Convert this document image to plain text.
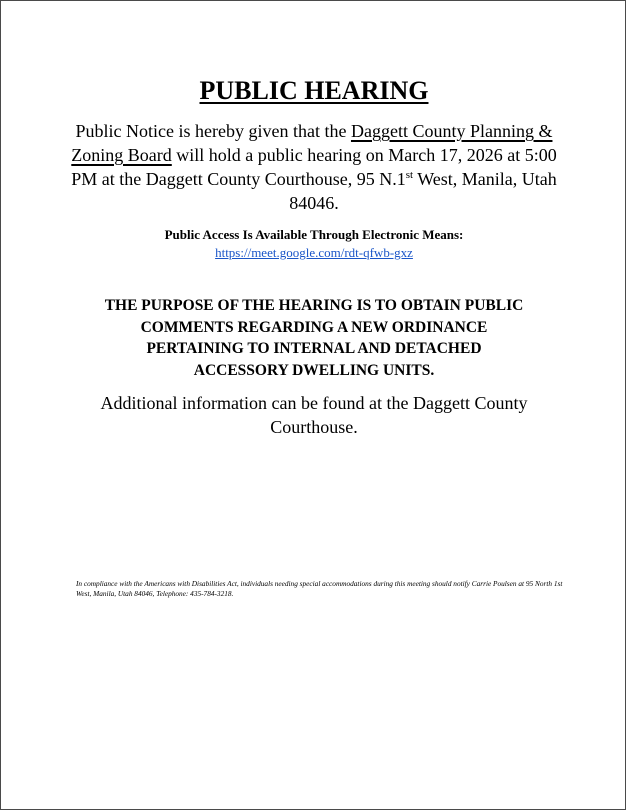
PUBLIC HEARING
Public Notice is hereby given that the Daggett County Planning & Zoning Board will hold a public hearing on March 17, 2026 at 5:00 PM at the Daggett County Courthouse, 95 N.1st West, Manila, Utah 84046.
Public Access Is Available Through Electronic Means:
https://meet.google.com/rdt-qfwb-gxz
THE PURPOSE OF THE HEARING IS TO OBTAIN PUBLIC COMMENTS REGARDING A NEW ORDINANCE PERTAINING TO INTERNAL AND DETACHED ACCESSORY DWELLING UNITS.
Additional information can be found at the Daggett County Courthouse.
In compliance with the Americans with Disabilities Act, individuals needing special accommodations during this meeting should notify Carrie Poulsen at 95 North 1st West, Manila, Utah 84046, Telephone: 435-784-3218.
